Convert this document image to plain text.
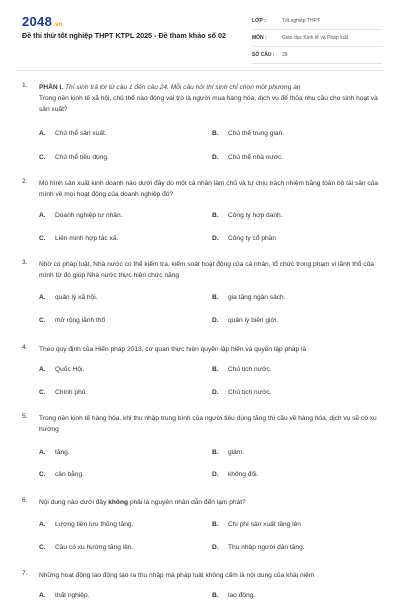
2048.vn
Đề thi thử tốt nghiệp THPT KTPL 2025 - Đề tham khảo số 02
LỚP :	Tốt nghiệp THPT
MÔN :	Giáo dục Kinh tế và Pháp luật
SỐ CÂU :	28
1. PHẦN I. Thí sinh trả lời từ câu 1 đến câu 24. Mỗi câu hỏi thí sinh chỉ chọn một phương án
Trong nền kinh tế xã hội, chủ thể nào đóng vai trò là người mua hàng hóa, dịch vụ để thỏa nhu cầu cho sinh hoạt và sản xuất?
A. Chủ thể sản xuất.	B. Chủ thể trung gian.
C. Chủ thể tiêu dùng.	D. Chủ thể nhà nước.
2. Mô hình sản xuất kinh doanh nào dưới đây do một cá nhân làm chủ và tự chịu trách nhiệm bằng toàn bộ tài sản của mình về mọi hoạt động của doanh nghiệp đó?
A. Doanh nghiệp tư nhân.	B. Công ty hợp danh.
C. Liên minh hợp tác xã.	D. Công ty cổ phần
3. Nhờ có pháp luật, Nhà nước có thể kiểm tra, kiểm soát hoạt động của cá nhân, tổ chức trong phạm vi lãnh thổ của mình từ đó giúp Nhà nước thực hiện chức năng
A. quản lý xã hội.	B. gia tăng ngân sách.
C. mở rộng lãnh thổ	D. quản lý biên giới.
4. Theo quy định của Hiến pháp 2013, cơ quan thực hiện quyền lập hiến và quyền lập pháp là
A. Quốc Hội.	B. Chủ tịch nước.
C. Chính phủ.	D. Chủ tịch nước.
5. Trong nền kinh tế hàng hóa, khi thu nhập trung bình của người tiêu dùng tăng thì cầu về hàng hóa, dịch vụ sẽ có xu hướng
A. tăng.	B. giảm.
C. cân bằng.	D. không đổi.
6. Nội dung nào dưới đây không phải là nguyên nhân dẫn đến lạm phát?
A. Lượng tiền lưu thông tăng.	B. Chi phí sản xuất tăng lên
C. Cầu có xu hướng tăng lên.	D. Thu nhập người dân tăng.
7. Những hoạt động lao động tạo ra thu nhập mà pháp luật không cấm là nội dung của khái niệm
A. thất nghiệp.	B. lao động.
